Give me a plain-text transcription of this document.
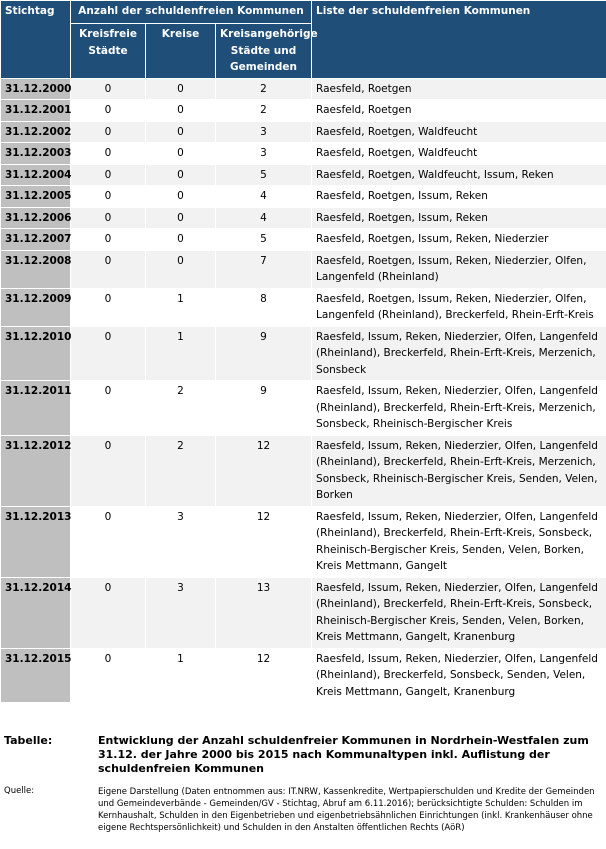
Stichtag	Anzahl der schuldenfreien Kommunen			Liste der schuldenfreien Kommunen
	Kreisfreie Städte	Kreise	Kreisangehörige Städte und Gemeinden	
31.12.2000	0	0	2	Raesfeld, Roetgen
31.12.2001	0	0	2	Raesfeld, Roetgen
31.12.2002	0	0	3	Raesfeld, Roetgen, Waldfeucht
31.12.2003	0	0	3	Raesfeld, Roetgen, Waldfeucht
31.12.2004	0	0	5	Raesfeld, Roetgen, Waldfeucht, Issum, Reken
31.12.2005	0	0	4	Raesfeld, Roetgen, Issum, Reken
31.12.2006	0	0	4	Raesfeld, Roetgen, Issum, Reken
31.12.2007	0	0	5	Raesfeld, Roetgen, Issum, Reken, Niederzier
31.12.2008	0	0	7	Raesfeld, Roetgen, Issum, Reken, Niederzier, Olfen, Langenfeld (Rheinland)
31.12.2009	0	1	8	Raesfeld, Roetgen, Issum, Reken, Niederzier, Olfen, Langenfeld (Rheinland), Breckerfeld, Rhein-Erft-Kreis
31.12.2010	0	1	9	Raesfeld, Issum, Reken, Niederzier, Olfen, Langenfeld (Rheinland), Breckerfeld, Rhein-Erft-Kreis, Merzenich, Sonsbeck
31.12.2011	0	2	9	Raesfeld, Issum, Reken, Niederzier, Olfen, Langenfeld (Rheinland), Breckerfeld, Rhein-Erft-Kreis, Merzenich, Sonsbeck, Rheinisch-Bergischer Kreis
31.12.2012	0	2	12	Raesfeld, Issum, Reken, Niederzier, Olfen, Langenfeld (Rheinland), Breckerfeld, Rhein-Erft-Kreis, Merzenich, Sonsbeck, Rheinisch-Bergischer Kreis, Senden, Velen, Borken
31.12.2013	0	3	12	Raesfeld, Issum, Reken, Niederzier, Olfen, Langenfeld (Rheinland), Breckerfeld, Rhein-Erft-Kreis, Sonsbeck, Rheinisch-Bergischer Kreis, Senden, Velen, Borken, Kreis Mettmann, Gangelt
31.12.2014	0	3	13	Raesfeld, Issum, Reken, Niederzier, Olfen, Langenfeld (Rheinland), Breckerfeld, Rhein-Erft-Kreis, Sonsbeck, Rheinisch-Bergischer Kreis, Senden, Velen, Borken, Kreis Mettmann, Gangelt, Kranenburg
31.12.2015	0	1	12	Raesfeld, Issum, Reken, Niederzier, Olfen, Langenfeld (Rheinland), Breckerfeld, Sonsbeck, Senden, Velen, Kreis Mettmann, Gangelt, Kranenburg
Tabelle:	Entwicklung der Anzahl schuldenfreier Kommunen in Nordrhein-Westfalen zum 31.12. der Jahre 2000 bis 2015 nach Kommunaltypen inkl. Auflistung der schuldenfreien Kommunen
Quelle:	Eigene Darstellung (Daten entnommen aus: IT.NRW, Kassenkredite, Wertpapierschulden und Kredite der Gemeinden und Gemeindeverbände - Gemeinden/GV - Stichtag, Abruf am 6.11.2016); berücksichtigte Schulden: Schulden im Kernhaushalt, Schulden in den Eigenbetrieben und eigenbetriebsähnlichen Einrichtungen (inkl. Krankenhäuser ohne eigene Rechtspersönlichkeit) und Schulden in den Anstalten öffentlichen Rechts (AöR)
